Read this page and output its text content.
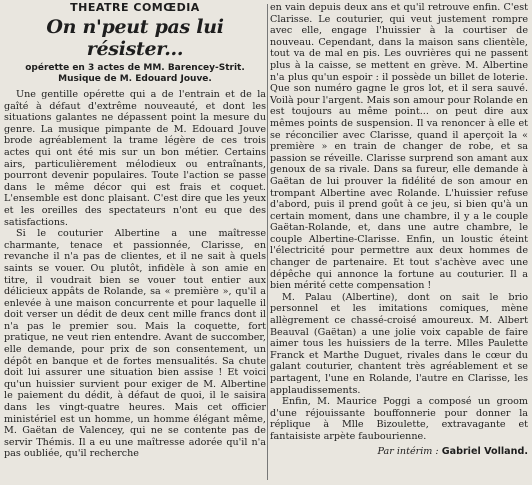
THEATRE COMŒDIA
On n'peut pas lui résister...
opérette en 3 actes de MM. Barencey-Strit.
Musique de M. Edouard Jouve.

Une gentille opérette qui a de l'entrain et de la gaîté à défaut d'extrême nouveauté, et dont les situations galantes ne dépassent point la mesure du genre. La musique pimpante de M. Edouard Jouve brode agréablement la trame légère de ces trois actes qui ont été mis sur un bon métier. Certains airs, particulièrement mélodieux ou entraînants, pourront devenir populaires. Toute l'action se passe dans le même décor qui est frais et coquet. L'ensemble est donc plaisant. C'est dire que les yeux et les oreilles des spectateurs n'ont eu que des satisfactions.

Si le couturier Albertine a une maîtresse charmante, tenace et passionnée, Clarisse, en revanche il n'a pas de clientes, et il ne sait à quels saints se vouer. Ou plutôt, infidèle à son amie en titre, il voudrait bien se vouer tout entier aux délicieux appâts de Rolande, sa « première », qu'il a enlevée à une maison concurrente et pour laquelle il doit verser un dédit de deux cent mille francs dont il n'a pas le premier sou. Mais la coquette, fort pratique, ne veut rien entendre. Avant de succomber, elle demande, pour prix de son consentement, un dépôt en banque et de fortes mensualités. Sa chute doit lui assurer une situation bien assise ! Et voici qu'un huissier survient pour exiger de M. Albertine le paiement du dédit, à défaut de quoi, il le saisira dans les vingt-quatre heures. Mais cet officier ministériel est un homme, un homme élégant même, M. Gaëtan de Valencey, qui ne se contente pas de servir Thémis. Il a eu une maîtresse adorée qu'il n'a pas oubliée, qu'il recherche

en vain depuis deux ans et qu'il retrouve enfin. C'est Clarisse. Le couturier, qui veut justement rompre avec elle, engage l'huissier à la courtiser de nouveau. Cependant, dans la maison sans clientèle, tout va de mal en pis. Les ouvrières qui ne passent plus à la caisse, se mettent en grève. M. Albertine n'a plus qu'un espoir : il possède un billet de loterie. Que son numéro gagne le gros lot, et il sera sauvé. Voilà pour l'argent. Mais son amour pour Rolande en est toujours au même point... on peut dire aux mêmes points de suspension. Il va renoncer à elle et se réconcilier avec Clarisse, quand il aperçoit la « première » en train de changer de robe, et sa passion se réveille. Clarisse surprend son amant aux genoux de sa rivale. Dans sa fureur, elle demande à Gaëtan de lui prouver la fidélité de son amour en trompant Albertine avec Rolande. L'huissier refuse d'abord, puis il prend goût à ce jeu, si bien qu'à un certain moment, dans une chambre, il y a le couple Gaëtan-Rolande, et, dans une autre chambre, le couple Albertine-Clarisse. Enfin, un loustic éteint l'électricité pour permettre aux deux hommes de changer de partenaire. Et tout s'achève avec une dépêche qui annonce la fortune au couturier. Il a bien mérité cette compensation !

M. Palau (Albertine), dont on sait le brio personnel et les imitations comiques, mène allègrement ce chassé-croisé amoureux. M. Albert Beauval (Gaëtan) a une jolie voix capable de faire aimer tous les huissiers de la terre. Mlles Paulette Franck et Marthe Duguet, rivales dans le cœur du galant couturier, chantent très agréablement et se partagent, l'une en Rolande, l'autre en Clarisse, les applaudissements.

Enfin, M. Maurice Poggi a composé un groom d'une réjouissante bouffonnerie pour donner la réplique à Mlle Bizoulette, extravagante et fantaisiste arpète faubourienne.

Par intérim : Gabriel Volland.
